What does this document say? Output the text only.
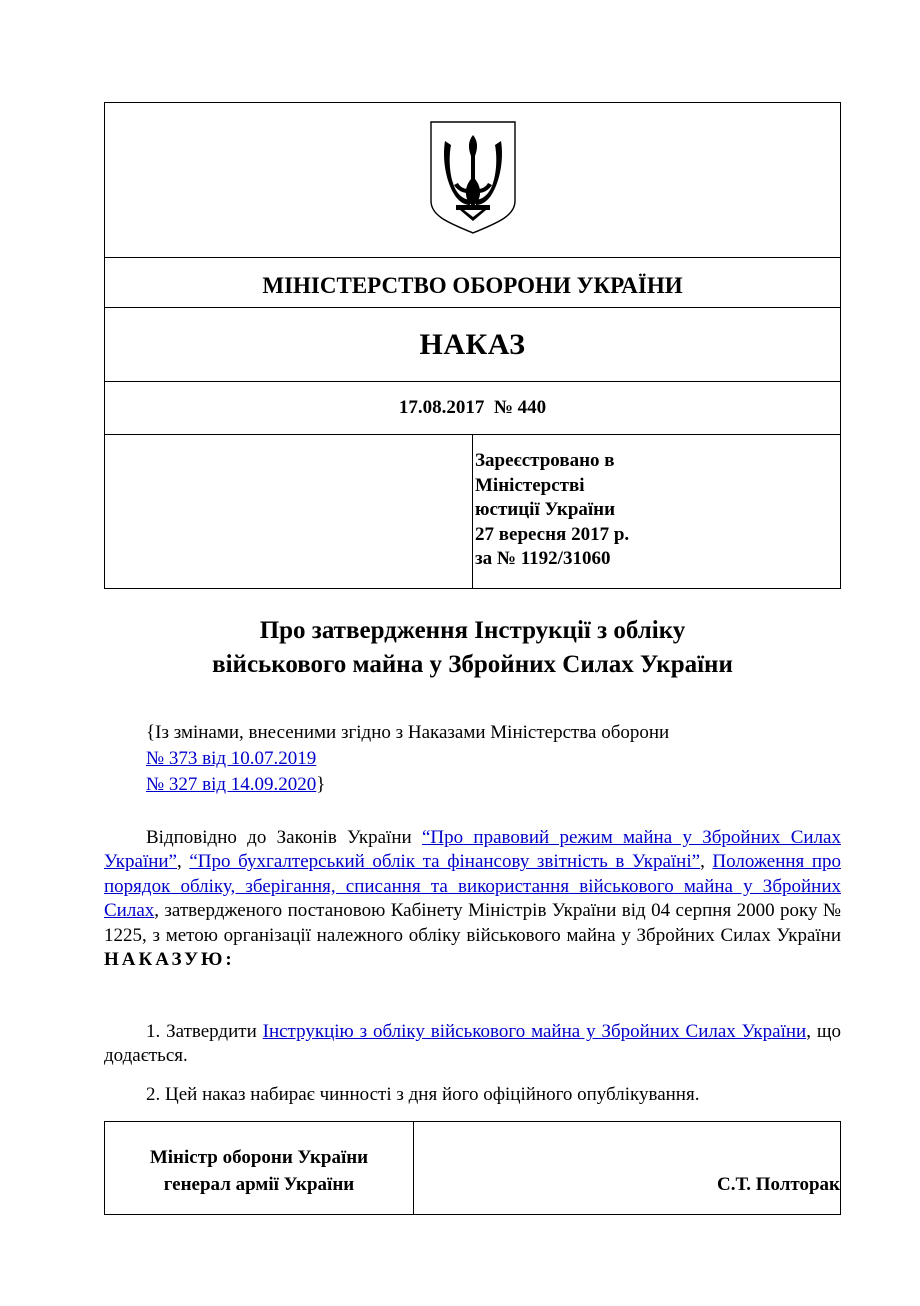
МІНІСТЕРСТВО ОБОРОНИ УКРАЇНИ
НАКАЗ
17.08.2017  № 440

Зареєстровано в
Міністерстві
юстиції України
27 вересня 2017 р.
за № 1192/31060
Про затвердження Інструкції з обліку
військового майна у Збройних Силах України
{Із змінами, внесеними згідно з Наказами Міністерства оборони
№ 373 від 10.07.2019
№ 327 від 14.09.2020}
Відповідно до Законів України “Про правовий режим майна у Збройних Силах України”, “Про бухгалтерський облік та фінансову звітність в Україні”, Положення про порядок обліку, зберігання, списання та використання військового майна у Збройних Силах, затвердженого постановою Кабінету Міністрів України від 04 серпня 2000 року № 1225, з метою організації належного обліку військового майна у Збройних Силах України НАКАЗУЮ:
1. Затвердити Інструкцію з обліку військового майна у Збройних Силах України, що додається.
2. Цей наказ набирає чинності з дня його офіційного опублікування.
Міністр оборони України
генерал армії України	С.Т. Полторак
